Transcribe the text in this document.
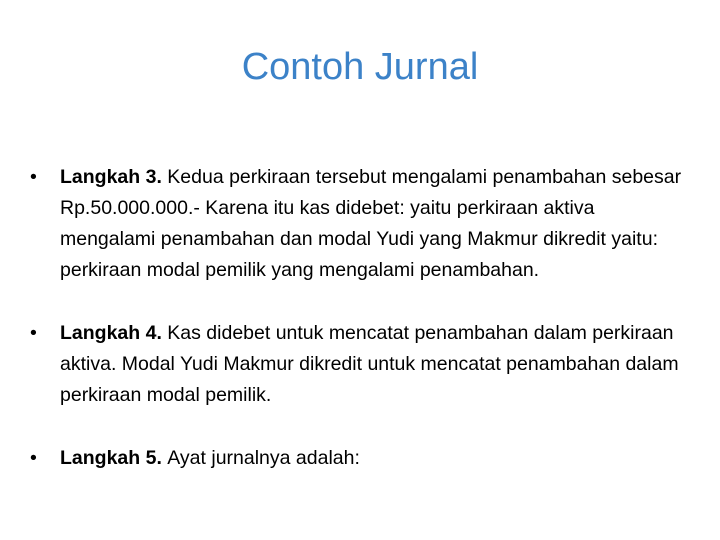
Contoh Jurnal
•	Langkah 3. Kedua perkiraan tersebut mengalami penambahan sebesar Rp.50.000.000.- Karena itu kas didebet: yaitu perkiraan aktiva mengalami penambahan dan modal Yudi yang Makmur dikredit yaitu: perkiraan modal pemilik yang mengalami penambahan.
•	Langkah 4. Kas didebet untuk mencatat penambahan dalam perkiraan aktiva. Modal Yudi Makmur dikredit untuk mencatat penambahan dalam perkiraan modal pemilik.
•	Langkah 5. Ayat jurnalnya adalah:
